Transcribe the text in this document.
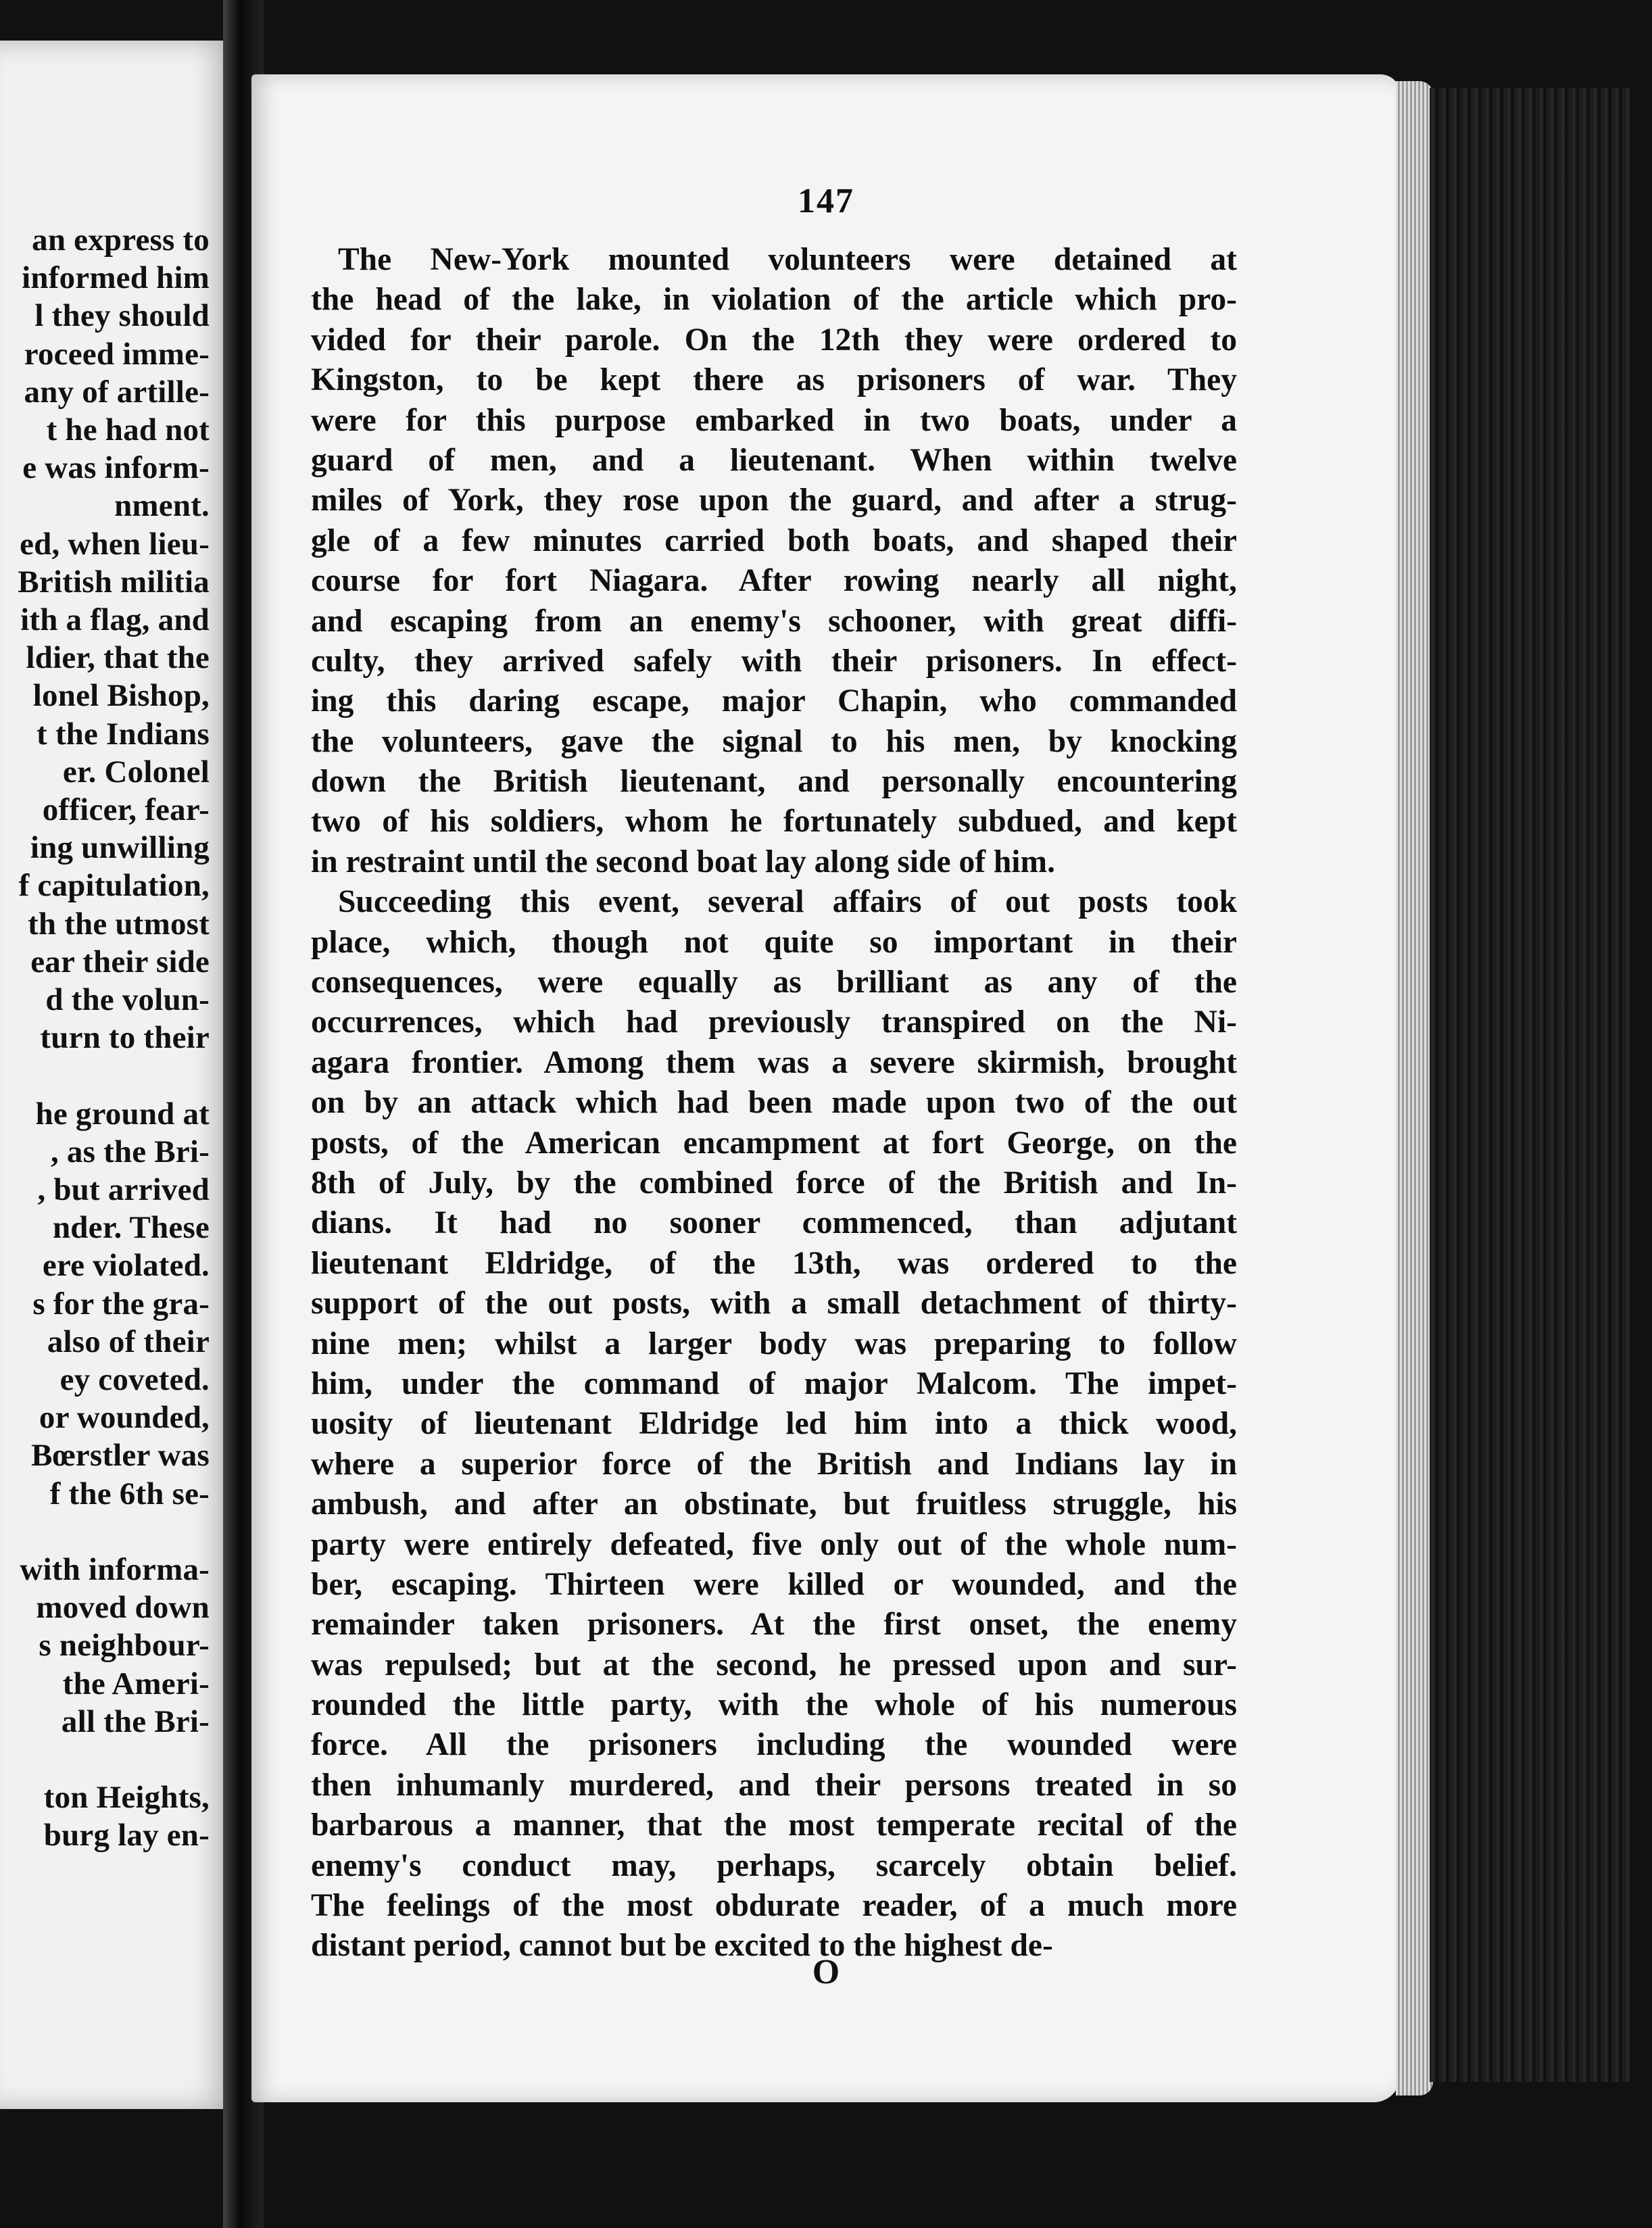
147
The New-York mounted volunteers were detained at
the head of the lake, in violation of the article which pro-
vided for their parole. On the 12th they were ordered to
Kingston, to be kept there as prisoners of war. They
were for this purpose embarked in two boats, under a
guard of men, and a lieutenant. When within twelve
miles of York, they rose upon the guard, and after a strug-
gle of a few minutes carried both boats, and shaped their
course for fort Niagara. After rowing nearly all night,
and escaping from an enemy's schooner, with great diffi-
culty, they arrived safely with their prisoners. In effect-
ing this daring escape, major Chapin, who commanded
the volunteers, gave the signal to his men, by knocking
down the British lieutenant, and personally encountering
two of his soldiers, whom he fortunately subdued, and kept
in restraint until the second boat lay along side of him.
Succeeding this event, several affairs of out posts took
place, which, though not quite so important in their
consequences, were equally as brilliant as any of the
occurrences, which had previously transpired on the Ni-
agara frontier. Among them was a severe skirmish, brought
on by an attack which had been made upon two of the out
posts, of the American encampment at fort George, on the
8th of July, by the combined force of the British and In-
dians. It had no sooner commenced, than adjutant
lieutenant Eldridge, of the 13th, was ordered to the
support of the out posts, with a small detachment of thirty-
nine men; whilst a larger body was preparing to follow
him, under the command of major Malcom. The impet-
uosity of lieutenant Eldridge led him into a thick wood,
where a superior force of the British and Indians lay in
ambush, and after an obstinate, but fruitless struggle, his
party were entirely defeated, five only out of the whole num-
ber, escaping. Thirteen were killed or wounded, and the
remainder taken prisoners. At the first onset, the enemy
was repulsed; but at the second, he pressed upon and sur-
rounded the little party, with the whole of his numerous
force. All the prisoners including the wounded were
then inhumanly murdered, and their persons treated in so
barbarous a manner, that the most temperate recital of the
enemy's conduct may, perhaps, scarcely obtain belief.
The feelings of the most obdurate reader, of a much more
distant period, cannot but be excited to the highest de-
O
an express to
informed him
l they should
roceed imme-
any of artille-
t he had not
e was inform-
nment.
ed, when lieu-
British militia
ith a flag, and
ldier, that the
lonel Bishop,
t the Indians
er. Colonel
officer, fear-
ing unwilling
f capitulation,
th the utmost
ear their side
d the volun-
turn to their
he ground at
, as the Bri-
, but arrived
nder. These
ere violated.
s for the gra-
also of their
ey coveted.
or wounded,
Bœrstler was
f the 6th se-
with informa-
moved down
s neighbour-
the Ameri-
all the Bri-
ton Heights,
burg lay en-
